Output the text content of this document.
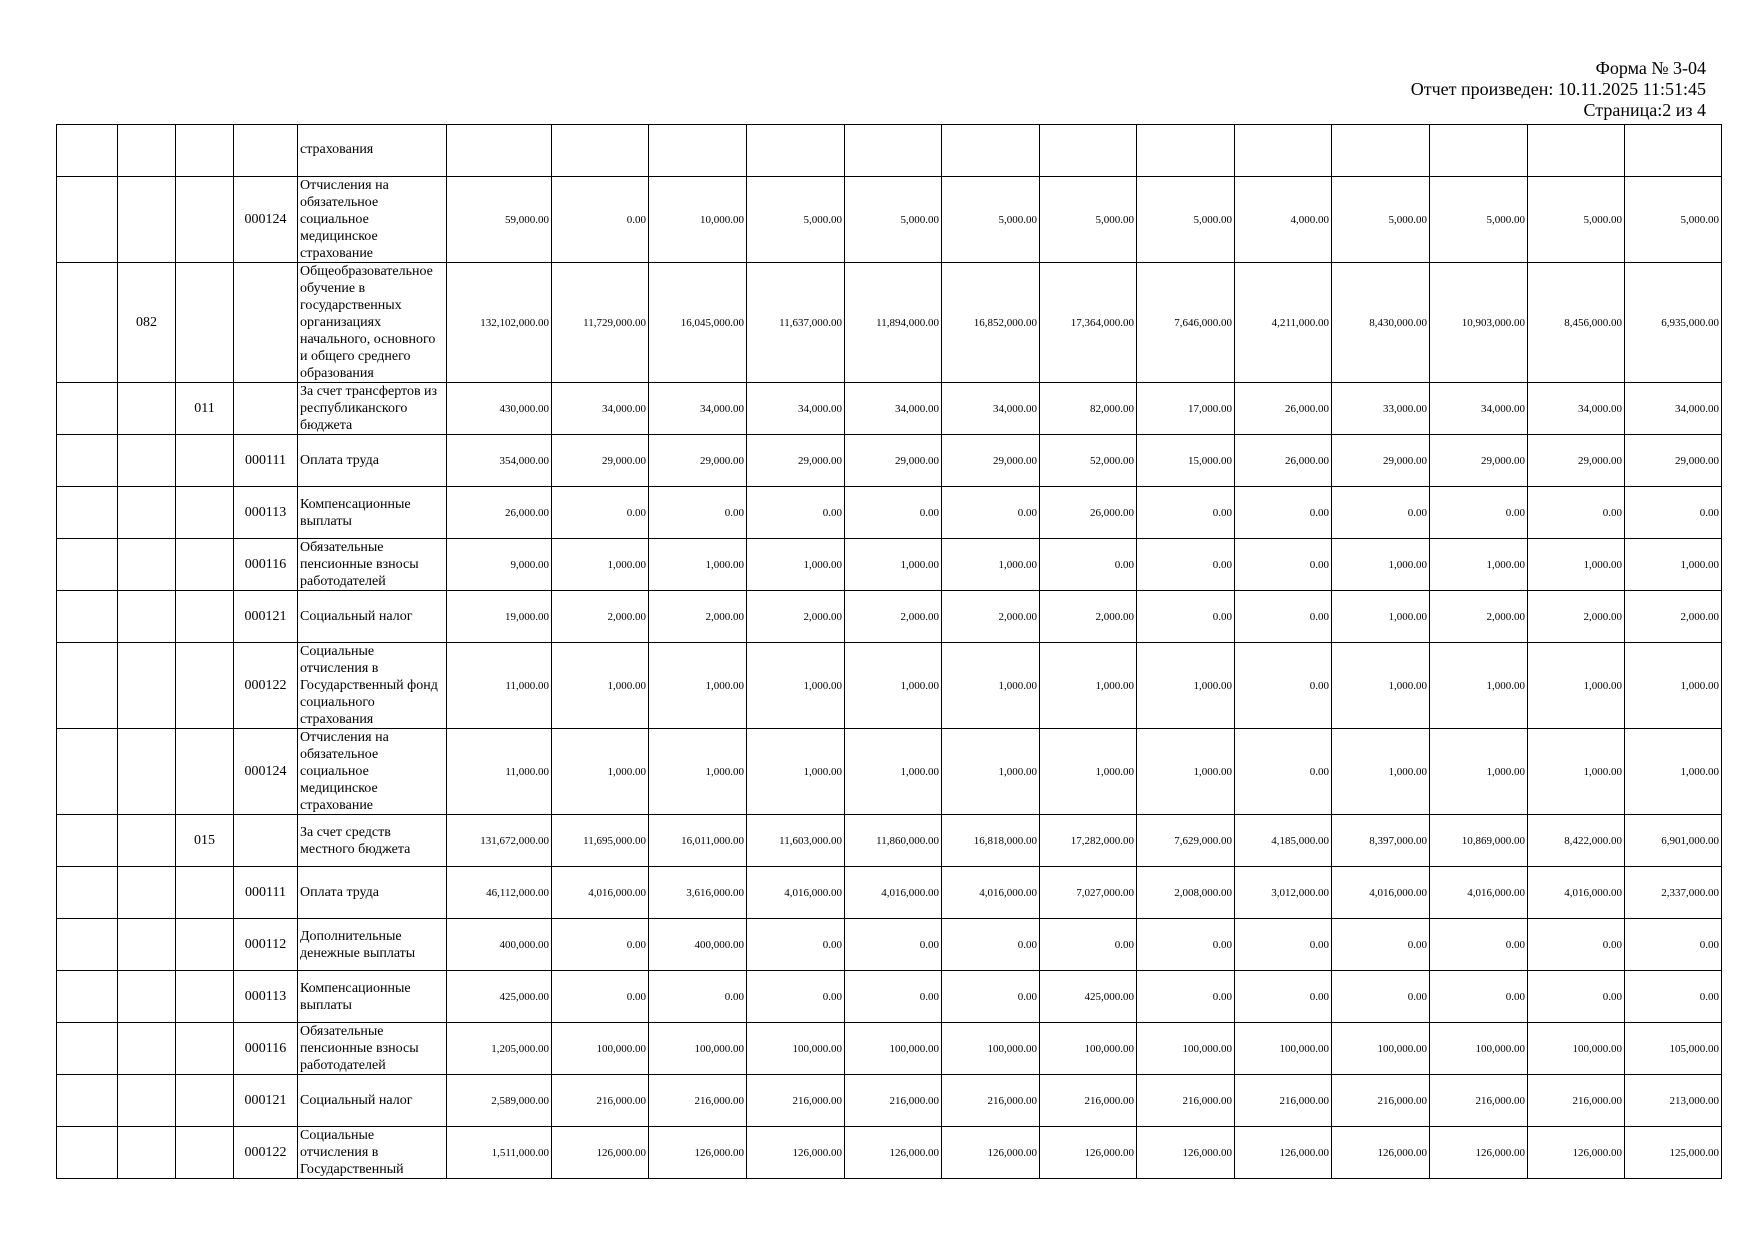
Форма № 3-04
Отчет произведен: 10.11.2025 11:51:45
Страница:2 из 4
				страхования													
			000124	Отчисления на обязательное социальное медицинское страхование	59,000.00	0.00	10,000.00	5,000.00	5,000.00	5,000.00	5,000.00	5,000.00	4,000.00	5,000.00	5,000.00	5,000.00	5,000.00
	082			Общеобразовательное обучение в государственных организациях начального, основного и общего среднего образования	132,102,000.00	11,729,000.00	16,045,000.00	11,637,000.00	11,894,000.00	16,852,000.00	17,364,000.00	7,646,000.00	4,211,000.00	8,430,000.00	10,903,000.00	8,456,000.00	6,935,000.00
		011		За счет трансфертов из республиканского бюджета	430,000.00	34,000.00	34,000.00	34,000.00	34,000.00	34,000.00	82,000.00	17,000.00	26,000.00	33,000.00	34,000.00	34,000.00	34,000.00
			000111	Оплата труда	354,000.00	29,000.00	29,000.00	29,000.00	29,000.00	29,000.00	52,000.00	15,000.00	26,000.00	29,000.00	29,000.00	29,000.00	29,000.00
			000113	Компенсационные выплаты	26,000.00	0.00	0.00	0.00	0.00	0.00	26,000.00	0.00	0.00	0.00	0.00	0.00	0.00
			000116	Обязательные пенсионные взносы работодателей	9,000.00	1,000.00	1,000.00	1,000.00	1,000.00	1,000.00	0.00	0.00	0.00	1,000.00	1,000.00	1,000.00	1,000.00
			000121	Социальный налог	19,000.00	2,000.00	2,000.00	2,000.00	2,000.00	2,000.00	2,000.00	0.00	0.00	1,000.00	2,000.00	2,000.00	2,000.00
			000122	Социальные отчисления в Государственный фонд социального страхования	11,000.00	1,000.00	1,000.00	1,000.00	1,000.00	1,000.00	1,000.00	1,000.00	0.00	1,000.00	1,000.00	1,000.00	1,000.00
			000124	Отчисления на обязательное социальное медицинское страхование	11,000.00	1,000.00	1,000.00	1,000.00	1,000.00	1,000.00	1,000.00	1,000.00	0.00	1,000.00	1,000.00	1,000.00	1,000.00
		015		За счет средств местного бюджета	131,672,000.00	11,695,000.00	16,011,000.00	11,603,000.00	11,860,000.00	16,818,000.00	17,282,000.00	7,629,000.00	4,185,000.00	8,397,000.00	10,869,000.00	8,422,000.00	6,901,000.00
			000111	Оплата труда	46,112,000.00	4,016,000.00	3,616,000.00	4,016,000.00	4,016,000.00	4,016,000.00	7,027,000.00	2,008,000.00	3,012,000.00	4,016,000.00	4,016,000.00	4,016,000.00	2,337,000.00
			000112	Дополнительные денежные выплаты	400,000.00	0.00	400,000.00	0.00	0.00	0.00	0.00	0.00	0.00	0.00	0.00	0.00	0.00
			000113	Компенсационные выплаты	425,000.00	0.00	0.00	0.00	0.00	0.00	425,000.00	0.00	0.00	0.00	0.00	0.00	0.00
			000116	Обязательные пенсионные взносы работодателей	1,205,000.00	100,000.00	100,000.00	100,000.00	100,000.00	100,000.00	100,000.00	100,000.00	100,000.00	100,000.00	100,000.00	100,000.00	105,000.00
			000121	Социальный налог	2,589,000.00	216,000.00	216,000.00	216,000.00	216,000.00	216,000.00	216,000.00	216,000.00	216,000.00	216,000.00	216,000.00	216,000.00	213,000.00
			000122	Социальные отчисления в Государственный	1,511,000.00	126,000.00	126,000.00	126,000.00	126,000.00	126,000.00	126,000.00	126,000.00	126,000.00	126,000.00	126,000.00	126,000.00	125,000.00
